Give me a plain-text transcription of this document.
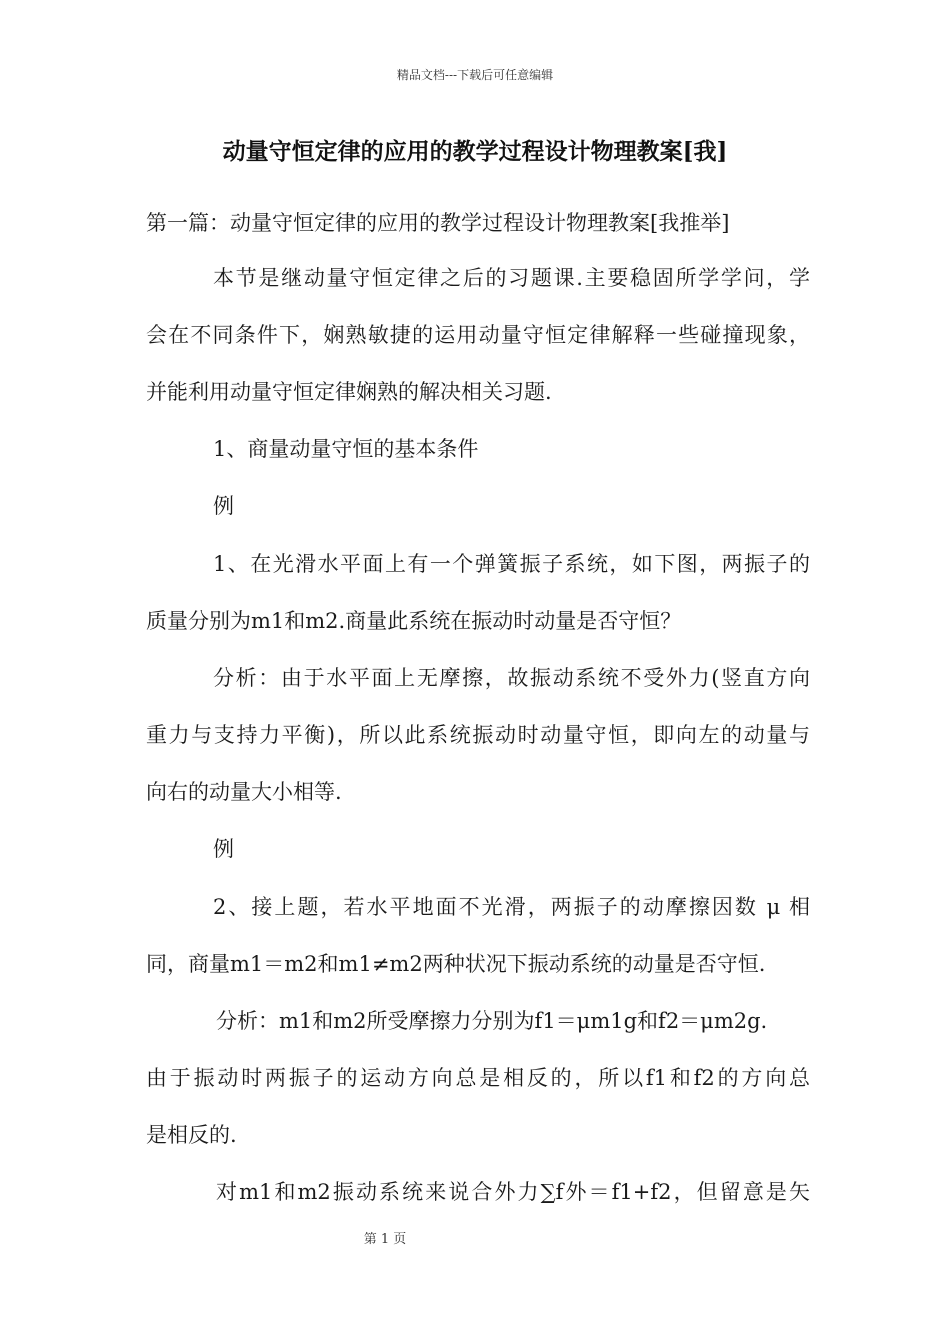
精品文档---下载后可任意编辑
动量守恒定律的应用的教学过程设计物理教案[我]
第一篇：动量守恒定律的应用的教学过程设计物理教案[我推举]
本节是继动量守恒定律之后的习题课.主要稳固所学学问，学
会在不同条件下，娴熟敏捷的运用动量守恒定律解释一些碰撞现象，
并能利用动量守恒定律娴熟的解决相关习题.
1、商量动量守恒的基本条件
例
1、在光滑水平面上有一个弹簧振子系统，如下图，两振子的
质量分别为m1和m2.商量此系统在振动时动量是否守恒？
分析：由于水平面上无摩擦，故振动系统不受外力(竖直方向
重力与支持力平衡)，所以此系统振动时动量守恒，即向左的动量与
向右的动量大小相等.
例
2、接上题，若水平地面不光滑，两振子的动摩擦因数 μ 相
同，商量m1＝m2和m1≠m2两种状况下振动系统的动量是否守恒.
分析：m1和m2所受摩擦力分别为f1＝μm1g和f2＝μm2g.
由于振动时两振子的运动方向总是相反的，所以f1和f2的方向总
是相反的.
对m1和m2振动系统来说合外力∑f外＝f1+f2，但留意是矢
第 1 页
